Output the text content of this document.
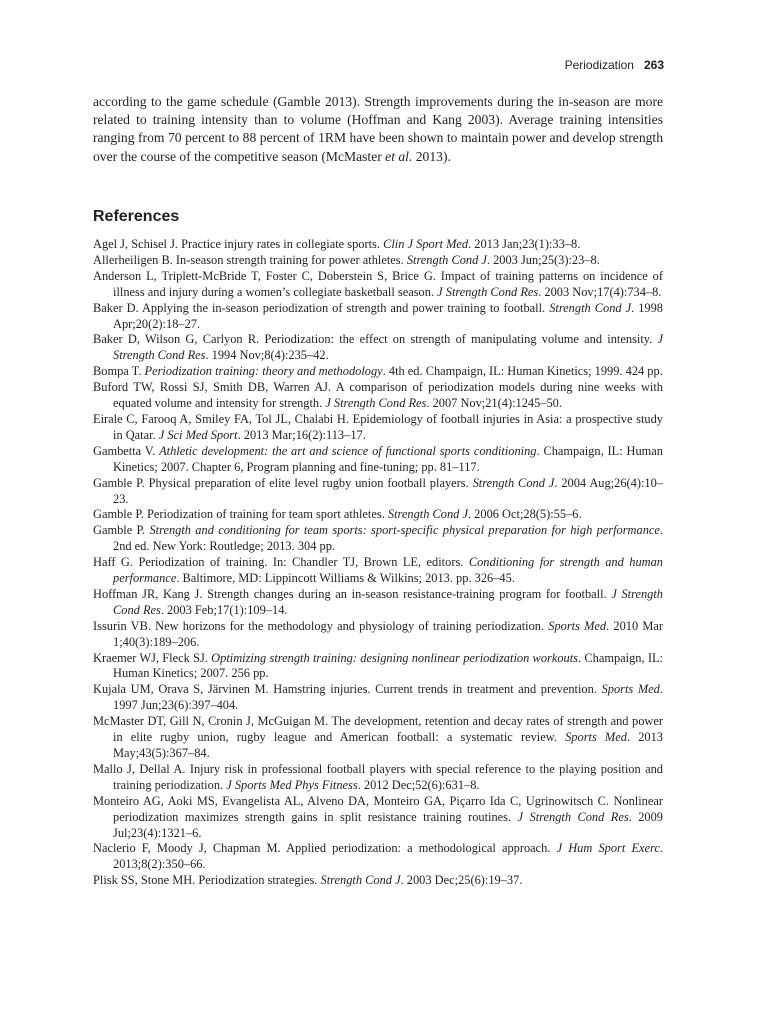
Periodization 263

according to the game schedule (Gamble 2013). Strength improvements during the in-season are more related to training intensity than to volume (Hoffman and Kang 2003). Average training intensities ranging from 70 percent to 88 percent of 1RM have been shown to maintain power and develop strength over the course of the competitive season (McMaster et al. 2013).

References
Agel J, Schisel J. Practice injury rates in collegiate sports. Clin J Sport Med. 2013 Jan;23(1):33–8.
Allerheiligen B. In-season strength training for power athletes. Strength Cond J. 2003 Jun;25(3):23–8.
Anderson L, Triplett-McBride T, Foster C, Doberstein S, Brice G. Impact of training patterns on incidence of illness and injury during a women’s collegiate basketball season. J Strength Cond Res. 2003 Nov;17(4):734–8.
Baker D. Applying the in-season periodization of strength and power training to football. Strength Cond J. 1998 Apr;20(2):18–27.
Baker D, Wilson G, Carlyon R. Periodization: the effect on strength of manipulating volume and intensity. J Strength Cond Res. 1994 Nov;8(4):235–42.
Bompa T. Periodization training: theory and methodology. 4th ed. Champaign, IL: Human Kinetics; 1999. 424 pp.
Buford TW, Rossi SJ, Smith DB, Warren AJ. A comparison of periodization models during nine weeks with equated volume and intensity for strength. J Strength Cond Res. 2007 Nov;21(4):1245–50.
Eirale C, Farooq A, Smiley FA, Tol JL, Chalabi H. Epidemiology of football injuries in Asia: a prospective study in Qatar. J Sci Med Sport. 2013 Mar;16(2):113–17.
Gambetta V. Athletic development: the art and science of functional sports conditioning. Champaign, IL: Human Kinetics; 2007. Chapter 6, Program planning and fine-tuning; pp. 81–117.
Gamble P. Physical preparation of elite level rugby union football players. Strength Cond J. 2004 Aug;26(4):10–23.
Gamble P. Periodization of training for team sport athletes. Strength Cond J. 2006 Oct;28(5):55–6.
Gamble P. Strength and conditioning for team sports: sport-specific physical preparation for high performance. 2nd ed. New York: Routledge; 2013. 304 pp.
Haff G. Periodization of training. In: Chandler TJ, Brown LE, editors. Conditioning for strength and human performance. Baltimore, MD: Lippincott Williams & Wilkins; 2013. pp. 326–45.
Hoffman JR, Kang J. Strength changes during an in-season resistance-training program for football. J Strength Cond Res. 2003 Feb;17(1):109–14.
Issurin VB. New horizons for the methodology and physiology of training periodization. Sports Med. 2010 Mar 1;40(3):189–206.
Kraemer WJ, Fleck SJ. Optimizing strength training: designing nonlinear periodization workouts. Champaign, IL: Human Kinetics; 2007. 256 pp.
Kujala UM, Orava S, Järvinen M. Hamstring injuries. Current trends in treatment and prevention. Sports Med. 1997 Jun;23(6):397–404.
McMaster DT, Gill N, Cronin J, McGuigan M. The development, retention and decay rates of strength and power in elite rugby union, rugby league and American football: a systematic review. Sports Med. 2013 May;43(5):367–84.
Mallo J, Dellal A. Injury risk in professional football players with special reference to the playing position and training periodization. J Sports Med Phys Fitness. 2012 Dec;52(6):631–8.
Monteiro AG, Aoki MS, Evangelista AL, Alveno DA, Monteiro GA, Piçarro Ida C, Ugrinowitsch C. Nonlinear periodization maximizes strength gains in split resistance training routines. J Strength Cond Res. 2009 Jul;23(4):1321–6.
Naclerio F, Moody J, Chapman M. Applied periodization: a methodological approach. J Hum Sport Exerc. 2013;8(2):350–66.
Plisk SS, Stone MH. Periodization strategies. Strength Cond J. 2003 Dec;25(6):19–37.
